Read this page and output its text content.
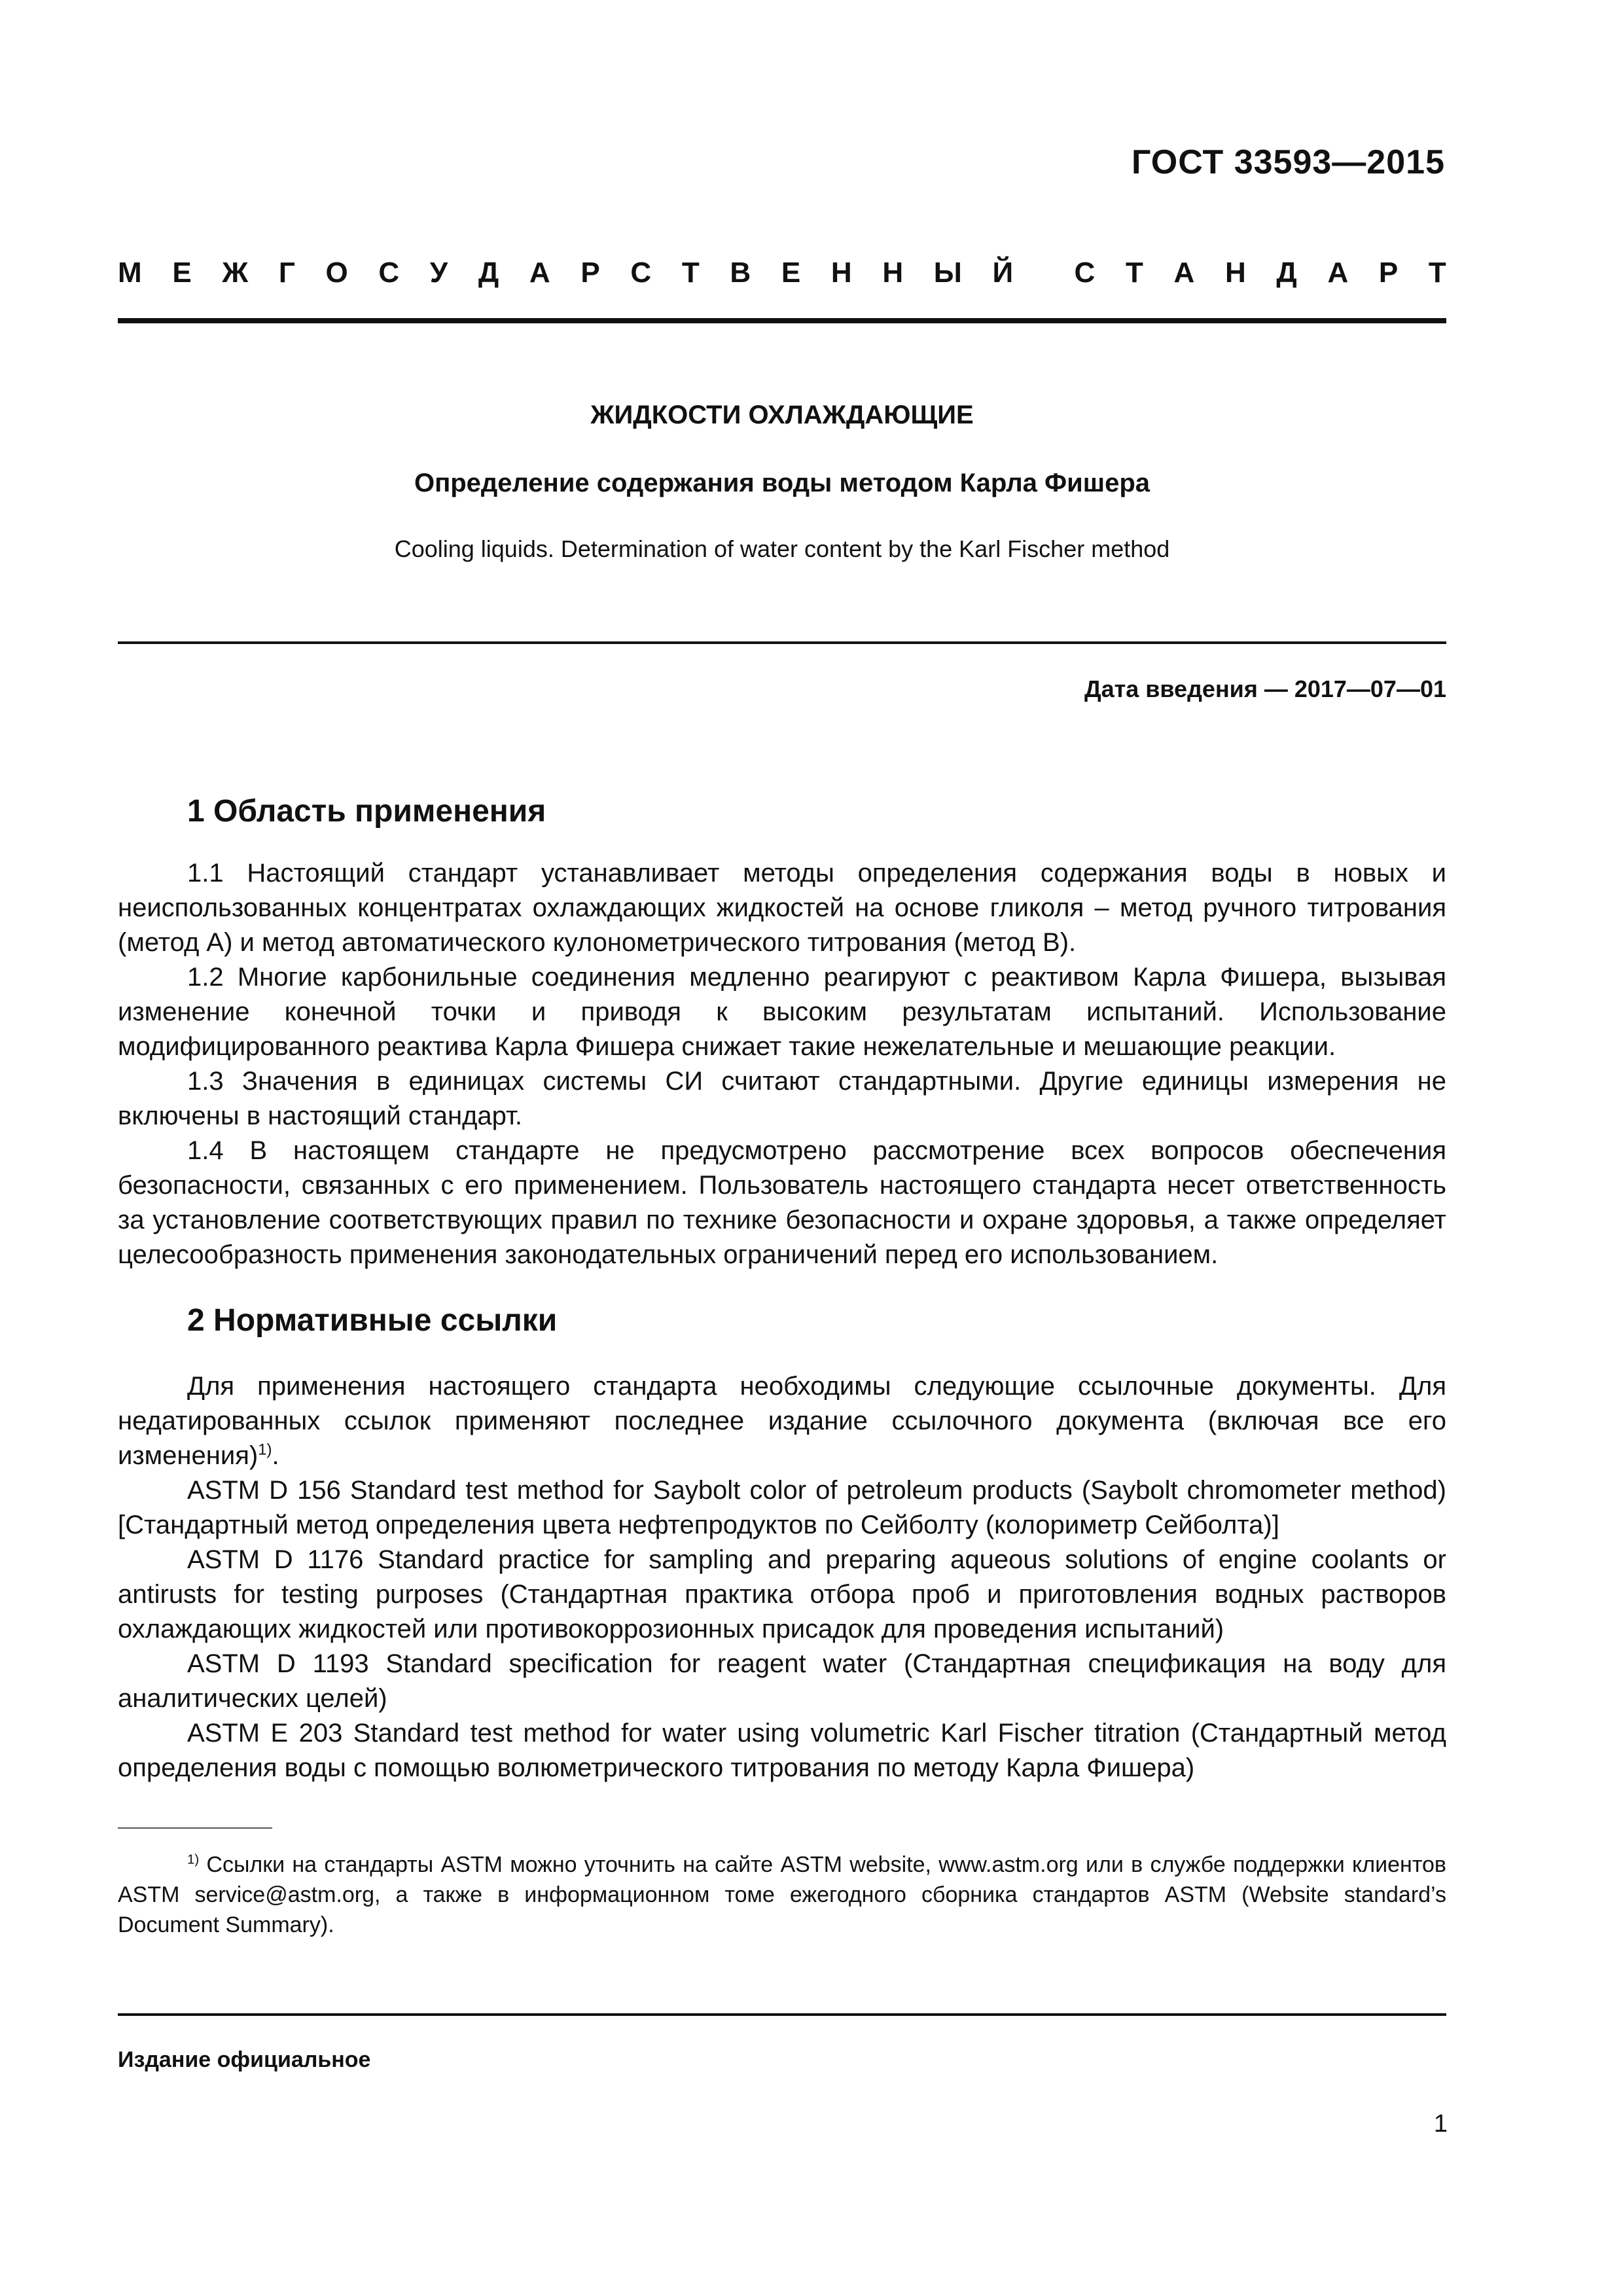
ГОСТ 33593—2015
М Е Ж Г О С У Д А Р С Т В Е Н Н Ы Й С Т А Н Д А Р Т
ЖИДКОСТИ ОХЛАЖДАЮЩИЕ
Определение содержания воды методом Карла Фишера
Cooling liquids. Determination of water content by the Karl Fischer method
Дата введения — 2017—07—01
1 Область применения

1.1 Настоящий стандарт устанавливает методы определения содержания воды в новых и неиспользованных концентратах охлаждающих жидкостей на основе гликоля – метод ручного титрования (метод А) и метод автоматического кулонометрического титрования (метод В).

1.2 Многие карбонильные соединения медленно реагируют с реактивом Карла Фишера, вызывая изменение конечной точки и приводя к высоким результатам испытаний. Использование модифицированного реактива Карла Фишера снижает такие нежелательные и мешающие реакции.

1.3 Значения в единицах системы СИ считают стандартными. Другие единицы измерения не включены в настоящий стандарт.

1.4 В настоящем стандарте не предусмотрено рассмотрение всех вопросов обеспечения безопасности, связанных с его применением. Пользователь настоящего стандарта несет ответственность за установление соответствующих правил по технике безопасности и охране здоровья, а также определяет целесообразность применения законодательных ограничений перед его использованием.

2 Нормативные ссылки

Для применения настоящего стандарта необходимы следующие ссылочные документы. Для недатированных ссылок применяют последнее издание ссылочного документа (включая все его изменения)$^{1)}$.

ASTM D 156 Standard test method for Saybolt color of petroleum products (Saybolt chromometer method) [Стандартный метод определения цвета нефтепродуктов по Сейболту (колориметр Сейболта)]

ASTM D 1176 Standard practice for sampling and preparing aqueous solutions of engine coolants or antirusts for testing purposes (Стандартная практика отбора проб и приготовления водных растворов охлаждающих жидкостей или противокоррозионных присадок для проведения испытаний)

ASTM D 1193 Standard specification for reagent water (Стандартная спецификация на воду для аналитических целей)

ASTM E 203 Standard test method for water using volumetric Karl Fischer titration (Стандартный метод определения воды с помощью волюметрического титрования по методу Карла Фишера)

$^{1)}$ Ссылки на стандарты ASTM можно уточнить на сайте ASTM website, www.astm.org или в службе поддержки клиентов ASTM service@astm.org, а также в информационном томе ежегодного сборника стандартов ASTM (Website standard’s Document Summary).

Издание официальное
1
